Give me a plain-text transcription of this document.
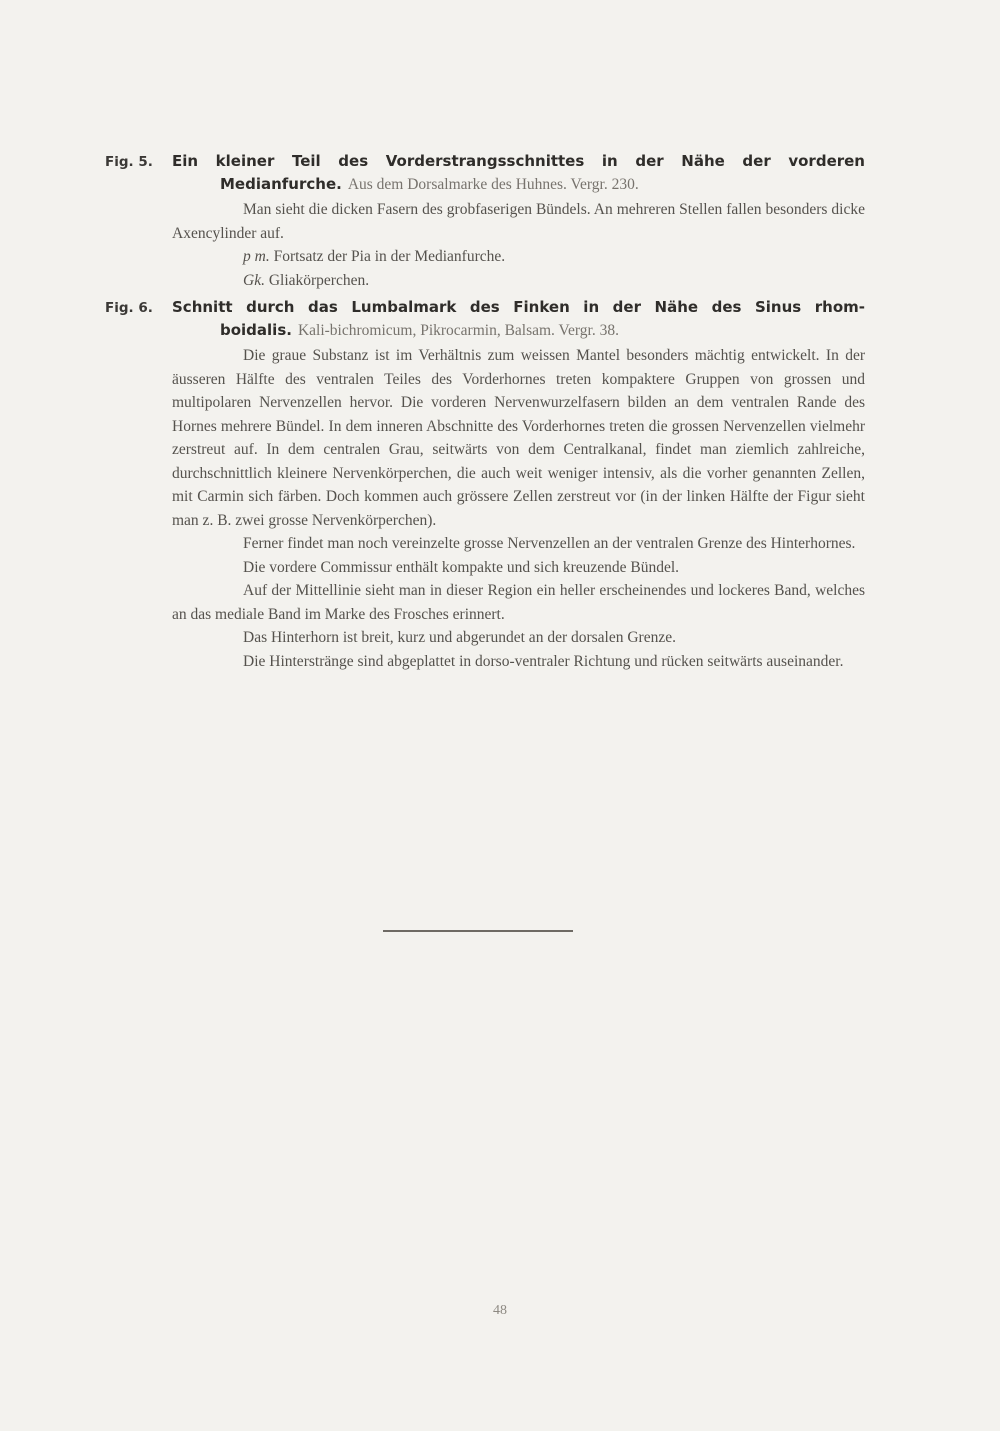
Fig. 5.	Ein kleiner Teil des Vorderstrangsschnittes in der Nähe der vorderen
Medianfurche. Aus dem Dorsalmarke des Huhnes. Vergr. 230.
Man sieht die dicken Fasern des grobfaserigen Bündels. An mehreren Stellen fallen besonders dicke Axencylinder auf.
p m. Fortsatz der Pia in der Medianfurche.
Gk. Gliakörperchen.
Fig. 6.	Schnitt durch das Lumbalmark des Finken in der Nähe des Sinus rhom-
boidalis. Kali-bichromicum, Pikrocarmin, Balsam. Vergr. 38.
Die graue Substanz ist im Verhältnis zum weissen Mantel besonders mächtig entwickelt. In der äusseren Hälfte des ventralen Teiles des Vorderhornes treten kompaktere Gruppen von grossen und multipolaren Nervenzellen hervor. Die vorderen Nervenwurzelfasern bilden an dem ventralen Rande des Hornes mehrere Bündel. In dem inneren Abschnitte des Vorderhornes treten die grossen Nervenzellen vielmehr zerstreut auf. In dem centralen Grau, seitwärts von dem Centralkanal, findet man ziemlich zahlreiche, durchschnittlich kleinere Nervenkörperchen, die auch weit weniger intensiv, als die vorher genannten Zellen, mit Carmin sich färben. Doch kommen auch grössere Zellen zerstreut vor (in der linken Hälfte der Figur sieht man z. B. zwei grosse Nervenkörperchen).
Ferner findet man noch vereinzelte grosse Nervenzellen an der ventralen Grenze des Hinterhornes.
Die vordere Commissur enthält kompakte und sich kreuzende Bündel.
Auf der Mittellinie sieht man in dieser Region ein heller erscheinendes und lockeres Band, welches an das mediale Band im Marke des Frosches erinnert.
Das Hinterhorn ist breit, kurz und abgerundet an der dorsalen Grenze.
Die Hinterstränge sind abgeplattet in dorso-ventraler Richtung und rücken seitwärts auseinander.
48
